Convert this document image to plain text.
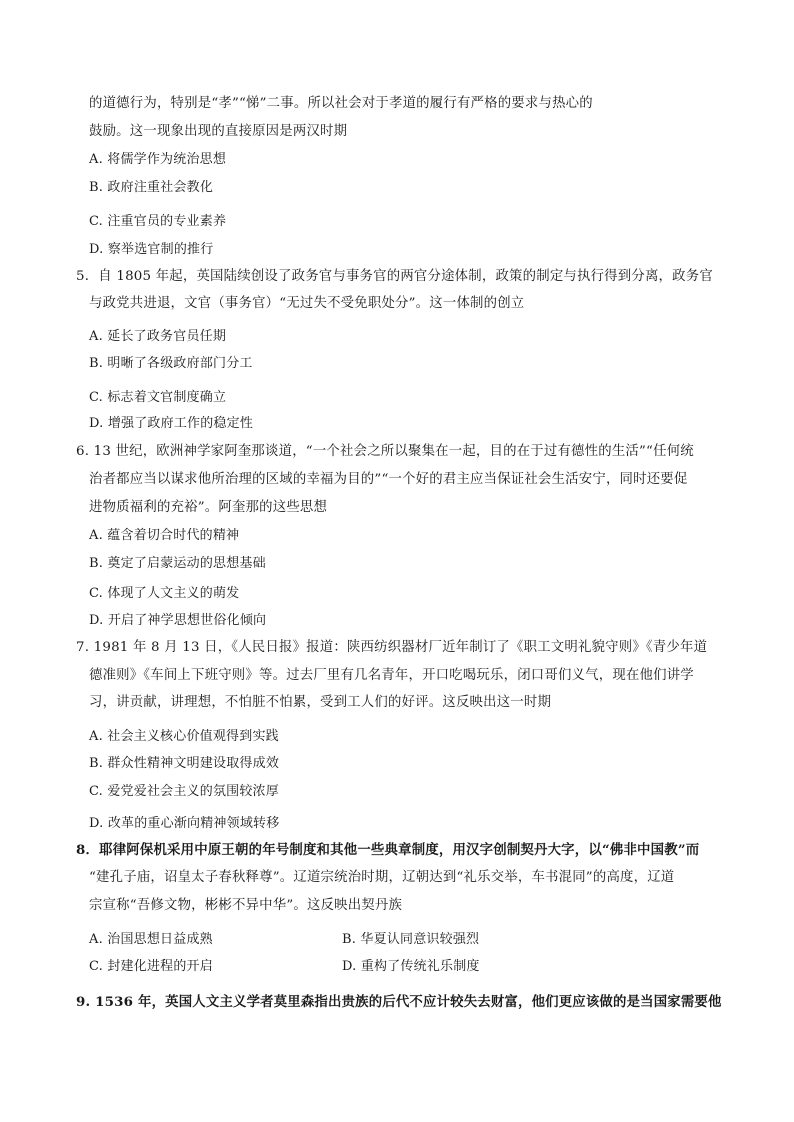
的道德行为，特别是“孝”“悌”二事。所以社会对于孝道的履行有严格的要求与热心的
鼓励。这一现象出现的直接原因是两汉时期
A. 将儒学作为统治思想
B. 政府注重社会教化
C. 注重官员的专业素养
D. 察举选官制的推行
5．自 1805 年起，英国陆续创设了政务官与事务官的两官分途体制，政策的制定与执行得到分离，政务官
与政党共进退，文官（事务官）“无过失不受免职处分”。这一体制的创立
A. 延长了政务官员任期
B. 明晰了各级政府部门分工
C. 标志着文官制度确立
D. 增强了政府工作的稳定性
6. 13 世纪，欧洲神学家阿奎那谈道，“一个社会之所以聚集在一起，目的在于过有德性的生活”“任何统
治者都应当以谋求他所治理的区域的幸福为目的”“一个好的君主应当保证社会生活安宁，同时还要促
进物质福利的充裕”。阿奎那的这些思想
A. 蕴含着切合时代的精神
B. 奠定了启蒙运动的思想基础
C. 体现了人文主义的萌发
D. 开启了神学思想世俗化倾向
7. 1981 年 8 月 13 日，《人民日报》报道：陕西纺织器材厂近年制订了《职工文明礼貌守则》《青少年道
德准则》《车间上下班守则》等。过去厂里有几名青年，开口吃喝玩乐，闭口哥们义气，现在他们讲学
习，讲贡献，讲理想，不怕脏不怕累，受到工人们的好评。这反映出这一时期
A. 社会主义核心价值观得到实践
B. 群众性精神文明建设取得成效
C. 爱党爱社会主义的氛围较浓厚
D. 改革的重心渐向精神领域转移
8．耶律阿保机采用中原王朝的年号制度和其他一些典章制度，用汉字创制契丹大字，以“佛非中国教”而
“建孔子庙，诏皇太子春秋释尊”。辽道宗统治时期，辽朝达到“礼乐交举，车书混同”的高度，辽道
宗宣称“吾修文物，彬彬不异中华”。这反映出契丹族
A. 治国思想日益成熟	B. 华夏认同意识较强烈
C. 封建化进程的开启	D. 重构了传统礼乐制度
9. 1536 年，英国人文主义学者莫里森指出贵族的后代不应计较失去财富，他们更应该做的是当国家需要他
